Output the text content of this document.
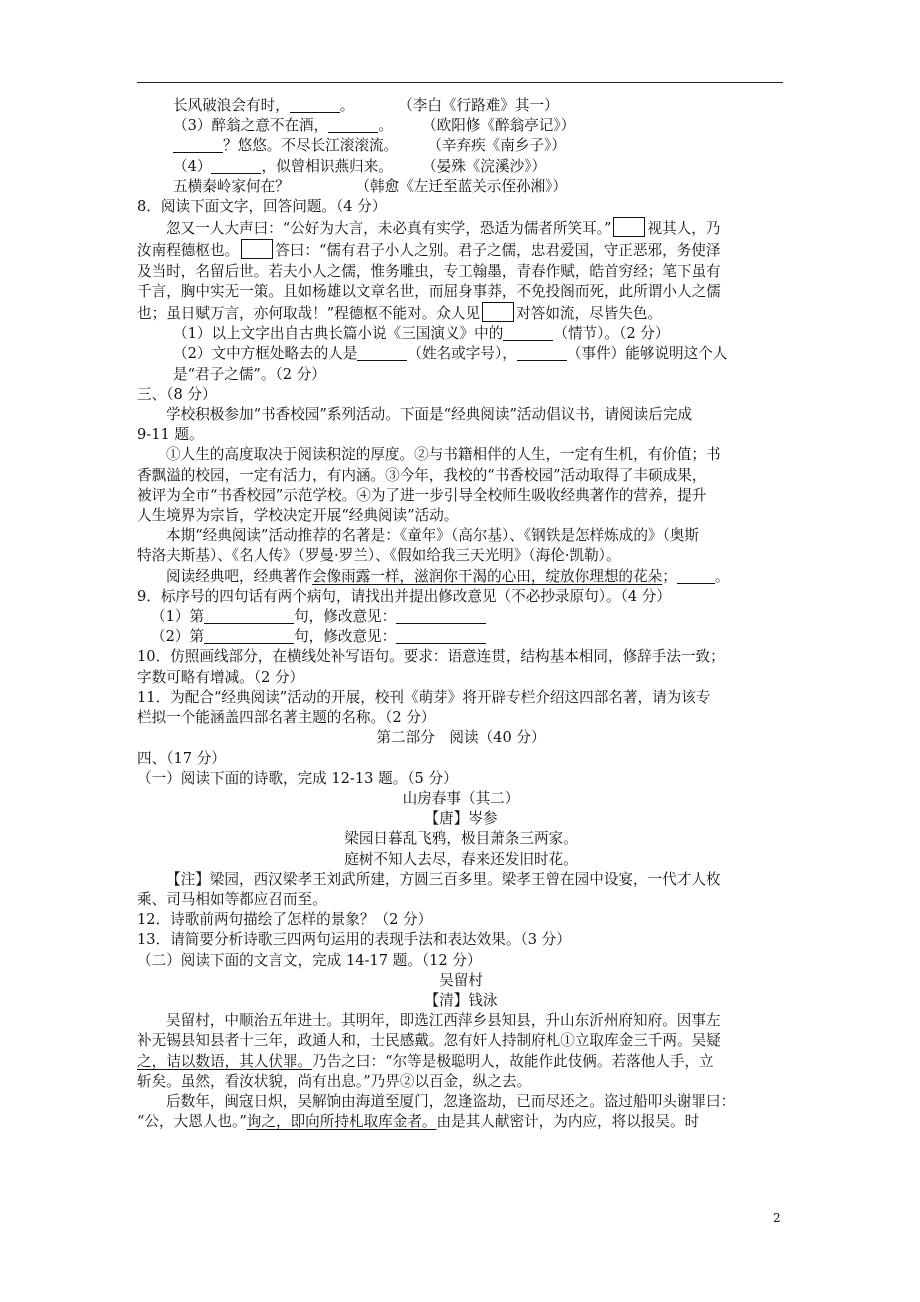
长风破浪会有时，	。　　　　（李白《行路难》其一）

（3）醉翁之意不在酒，	。　　　（欧阳修《醉翁亭记》）

？悠悠。不尽长江滚滚流。　　　（辛弃疾《南乡子》）

（4）	，似曾相识燕归来。　　　（晏殊《浣溪沙》）

五横秦岭家何在？　　　　　（韩愈《左迁至蓝关示侄孙湘》）

8．阅读下面文字，回答问题。（4 分）

忽又一人大声曰：“公好为大言，未必真有实学，恐适为儒者所笑耳。” 视其人，乃

汝南程德枢也。 答曰：“儒有君子小人之别。君子之儒，忠君爱国，守正恶邪，务使泽

及当时，名留后世。若夫小人之儒，惟务雕虫，专工翰墨，青春作赋，皓首穷经；笔下虽有

千言，胸中实无一策。且如杨雄以文章名世，而屈身事莽，不免投阁而死，此所谓小人之儒

也；虽日赋万言，亦何取哉！”程德枢不能对。众人见 对答如流，尽皆失色。

（1）以上文字出自古典长篇小说《三国演义》中的	（情节）。（2 分）

（2）文中方框处略去的人是	（姓名或字号），	（事件）能够说明这个人

是“君子之儒”。（2 分）

三、（8 分）

学校积极参加“书香校园”系列活动。下面是“经典阅读”活动倡议书，请阅读后完成

9-11 题。

①人生的高度取决于阅读积淀的厚度。②与书籍相伴的人生，一定有生机，有价值；书

香飘溢的校园，一定有活力，有内涵。③今年，我校的“书香校园”活动取得了丰硕成果，

被评为全市“书香校园”示范学校。④为了进一步引导全校师生吸收经典著作的营养，提升

人生境界为宗旨，学校决定开展“经典阅读”活动。

本期“经典阅读”活动推荐的名著是：《童年》（高尔基）、《钢铁是怎样炼成的》（奥斯

特洛夫斯基）、《名人传》（罗曼·罗兰）、《假如给我三天光明》（海伦·凯勒）。

阅读经典吧，经典著作会像雨露一样，滋润你干渴的心田，绽放你理想的花朵；	。

9．标序号的四句话有两个病句，请找出并提出修改意见（不必抄录原句）。（4 分）

（1）第	句，修改意见：

（2）第	句，修改意见：

10．仿照画线部分，在横线处补写语句。要求：语意连贯，结构基本相同，修辞手法一致；

字数可略有增减。（2 分）

11．为配合“经典阅读”活动的开展，校刊《萌芽》将开辟专栏介绍这四部名著，请为该专

栏拟一个能涵盖四部名著主题的名称。（2 分）

第二部分　阅读（40 分）

四、（17 分）

（一）阅读下面的诗歌，完成 12-13 题。（5 分）

山房春事（其二）

【唐】岑参

梁园日暮乱飞鸦，极目萧条三两家。

庭树不知人去尽，春来还发旧时花。

【注】梁园，西汉梁孝王刘武所建，方圆三百多里。梁孝王曾在园中设宴，一代才人枚

乘、司马相如等都应召而至。

12．诗歌前两句描绘了怎样的景象？（2 分）

13．请简要分析诗歌三四两句运用的表现手法和表达效果。（3 分）

（二）阅读下面的文言文，完成 14-17 题。（12 分）

吴留村

【清】钱泳

吴留村，中顺治五年进士。其明年，即选江西萍乡县知县，升山东沂州府知府。因事左

补无锡县知县者十三年，政通人和，士民感戴。忽有奸人持制府札①立取库金三千两。吴疑

之，诘以数语，其人伏罪。乃告之曰：“尔等是极聪明人，故能作此伎俩。若落他人手，立

斩矣。虽然，看汝状貌，尚有出息。”乃畀②以百金，纵之去。

后数年，闽寇日炽，吴解饷由海道至厦门，忽逢盗劫，已而尽还之。盗过船叩头谢罪曰：

“公，大恩人也。”询之，即向所持札取库金者。由是其人献密计，为内应，将以报吴。时

2
